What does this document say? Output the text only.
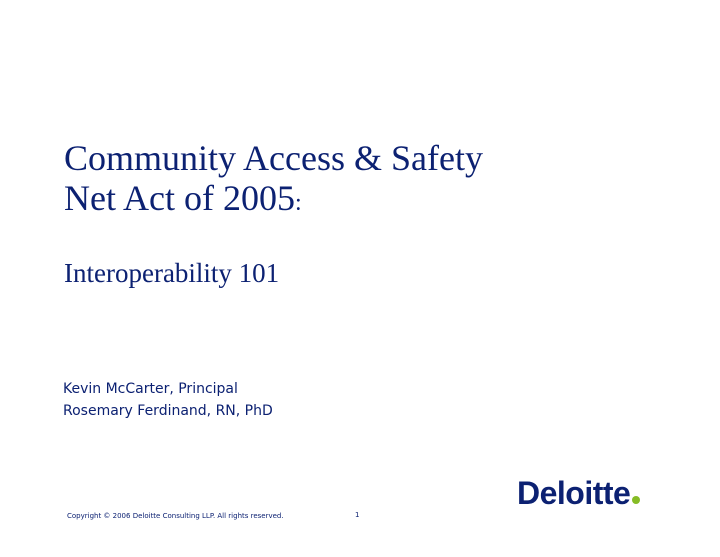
Community Access & Safety
Net Act of 2005:
Interoperability 101
Kevin McCarter, Principal
Rosemary Ferdinand, RN, PhD
Copyright © 2006 Deloitte Consulting LLP. All rights reserved.	1
Deloitte
